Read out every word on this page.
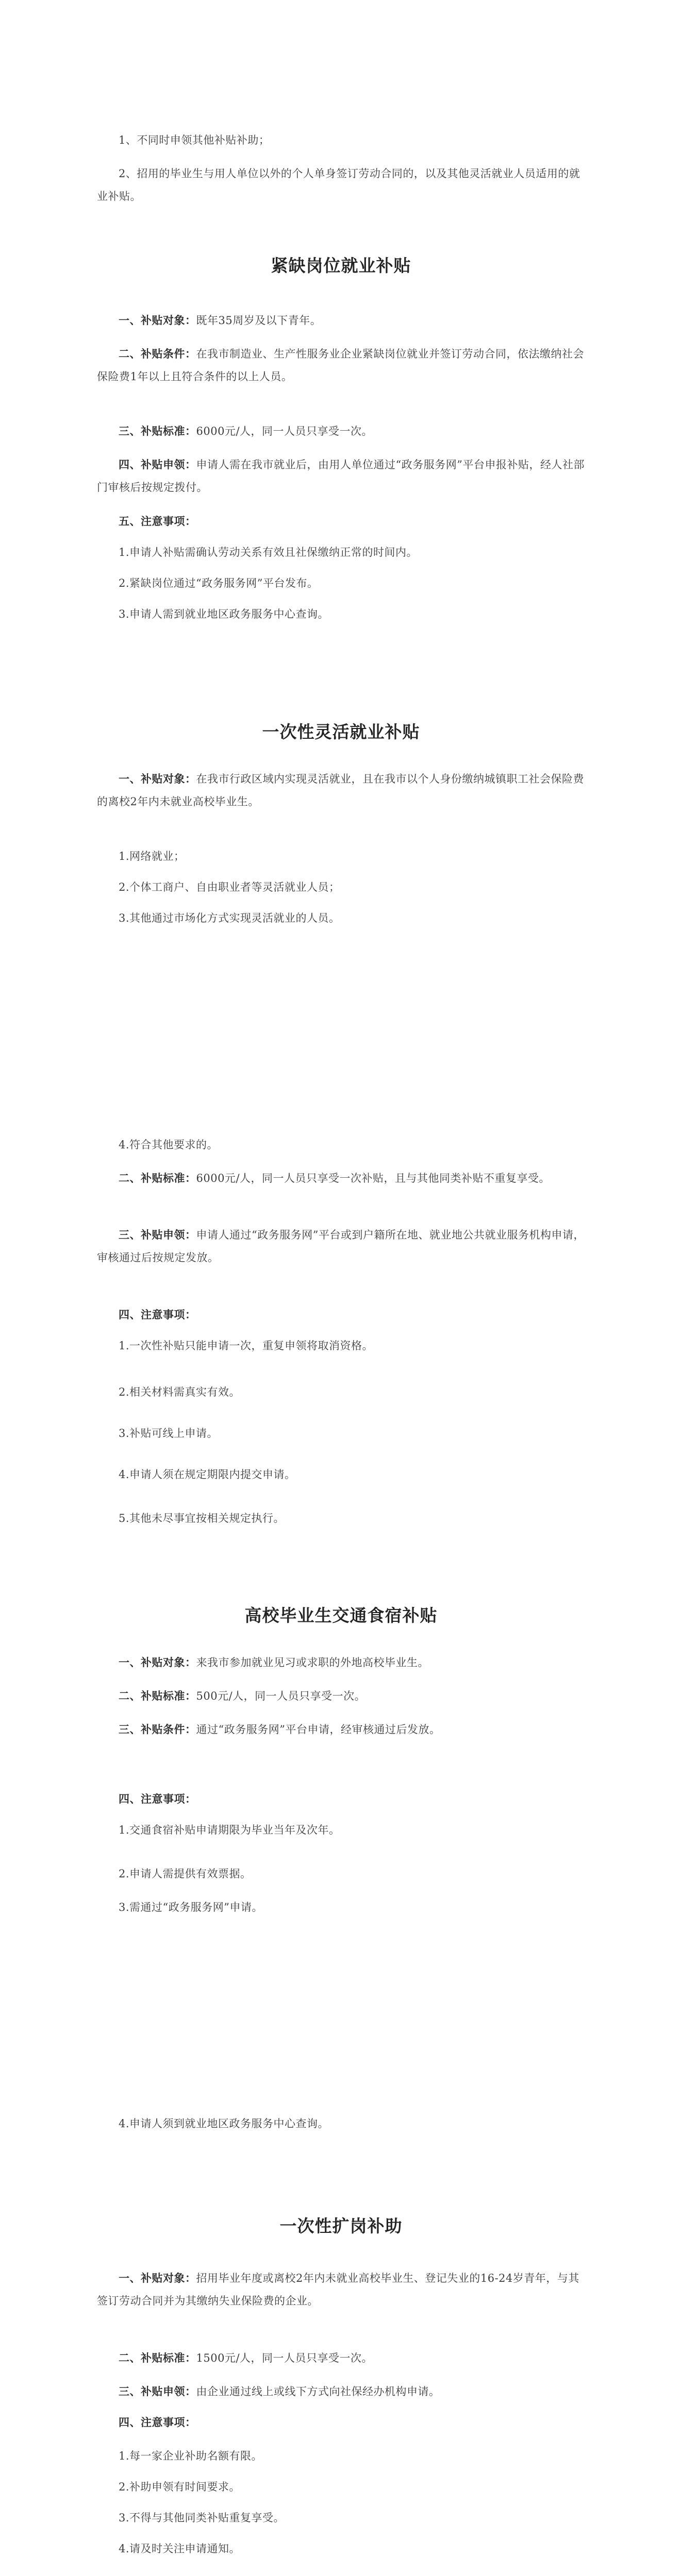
1、不同时申领其他补贴补助；

2、招用的毕业生与用人单位以外的个人单身签订劳动合同的，以及其他灵活就业人员适用的就业补贴。

紧缺岗位就业补贴

一、补贴对象：既年35周岁及以下青年。

二、补贴条件：在我市制造业、生产性服务业企业紧缺岗位就业并签订劳动合同，依法缴纳社会保险费1年以上且符合条件的以上人员。

三、补贴标准：6000元/人，同一人员只享受一次。

四、补贴申领：申请人需在我市就业后，由用人单位通过“政务服务网”平台申报补贴，经人社部门审核后按规定拨付。

五、注意事项：

1.申请人补贴需确认劳动关系有效且社保缴纳正常的时间内。

2.紧缺岗位通过“政务服务网”平台发布。

3.申请人需到就业地区政务服务中心查询。

一次性灵活就业补贴

一、补贴对象：在我市行政区域内实现灵活就业，且在我市以个人身份缴纳城镇职工社会保险费的离校2年内未就业高校毕业生。

1.网络就业；

2.个体工商户、自由职业者等灵活就业人员；

3.其他通过市场化方式实现灵活就业的人员。

4.符合其他要求的。

二、补贴标准：6000元/人，同一人员只享受一次补贴，且与其他同类补贴不重复享受。

三、补贴申领：申请人通过“政务服务网”平台或到户籍所在地、就业地公共就业服务机构申请，审核通过后按规定发放。

四、注意事项：

1.一次性补贴只能申请一次，重复申领将取消资格。

2.相关材料需真实有效。

3.补贴可线上申请。

4.申请人须在规定期限内提交申请。

5.其他未尽事宜按相关规定执行。

高校毕业生交通食宿补贴

一、补贴对象：来我市参加就业见习或求职的外地高校毕业生。

二、补贴标准：500元/人，同一人员只享受一次。

三、补贴条件：通过“政务服务网”平台申请，经审核通过后发放。

四、注意事项：

1.交通食宿补贴申请期限为毕业当年及次年。

2.申请人需提供有效票据。

3.需通过“政务服务网”申请。

4.申请人须到就业地区政务服务中心查询。

一次性扩岗补助

一、补贴对象：招用毕业年度或离校2年内未就业高校毕业生、登记失业的16-24岁青年，与其签订劳动合同并为其缴纳失业保险费的企业。

二、补贴标准：1500元/人，同一人员只享受一次。

三、补贴申领：由企业通过线上或线下方式向社保经办机构申请。

四、注意事项：

1.每一家企业补助名额有限。

2.补助申领有时间要求。

3.不得与其他同类补贴重复享受。

4.请及时关注申请通知。
